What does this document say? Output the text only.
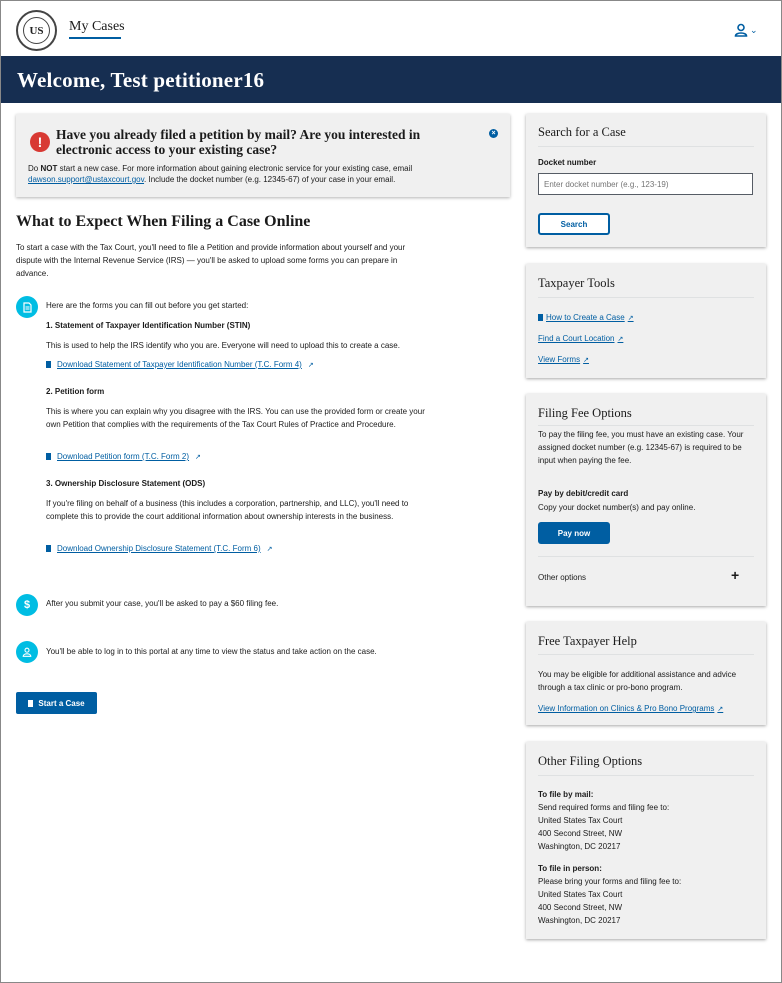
US	My Cases	⌄
Welcome, Test petitioner16
!	Have you already filed a petition by mail? Are you interested in electronic access to your existing case?
×
Do NOT start a new case. For more information about gaining electronic service for your existing case, email dawson.support@ustaxcourt.gov. Include the docket number (e.g. 12345-67) of your case in your email.
What to Expect When Filing a Case Online
To start a case with the Tax Court, you'll need to file a Petition and provide information about yourself and your dispute with the Internal Revenue Service (IRS) — you'll be asked to upload some forms you can prepare in advance.
Here are the forms you can fill out before you get started:
1. Statement of Taxpayer Identification Number (STIN)
This is used to help the IRS identify who you are. Everyone will need to upload this to create a case.
Download Statement of Taxpayer Identification Number (T.C. Form 4) ↗
2. Petition form
This is where you can explain why you disagree with the IRS. You can use the provided form or create your own Petition that complies with the requirements of the Tax Court Rules of Practice and Procedure.
Download Petition form (T.C. Form 2) ↗
3. Ownership Disclosure Statement (ODS)
If you're filing on behalf of a business (this includes a corporation, partnership, and LLC), you'll need to complete this to provide the court additional information about ownership interests in the business.
Download Ownership Disclosure Statement (T.C. Form 6) ↗
$	After you submit your case, you'll be asked to pay a $60 filing fee.
You'll be able to log in to this portal at any time to view the status and take action on the case.
Start a Case
Search for a Case
Docket number
Enter docket number (e.g., 123-19)
Search
Taxpayer Tools
How to Create a Case ↗
Find a Court Location ↗
View Forms ↗
Filing Fee Options
To pay the filing fee, you must have an existing case. Your assigned docket number (e.g. 12345-67) is required to be input when paying the fee.
Pay by debit/credit card
Copy your docket number(s) and pay online.
Pay now
Other options	+
Free Taxpayer Help
You may be eligible for additional assistance and advice through a tax clinic or pro-bono program.
View Information on Clinics & Pro Bono Programs ↗
Other Filing Options
To file by mail:
Send required forms and filing fee to:
United States Tax Court
400 Second Street, NW
Washington, DC 20217
To file in person:
Please bring your forms and filing fee to:
United States Tax Court
400 Second Street, NW
Washington, DC 20217
